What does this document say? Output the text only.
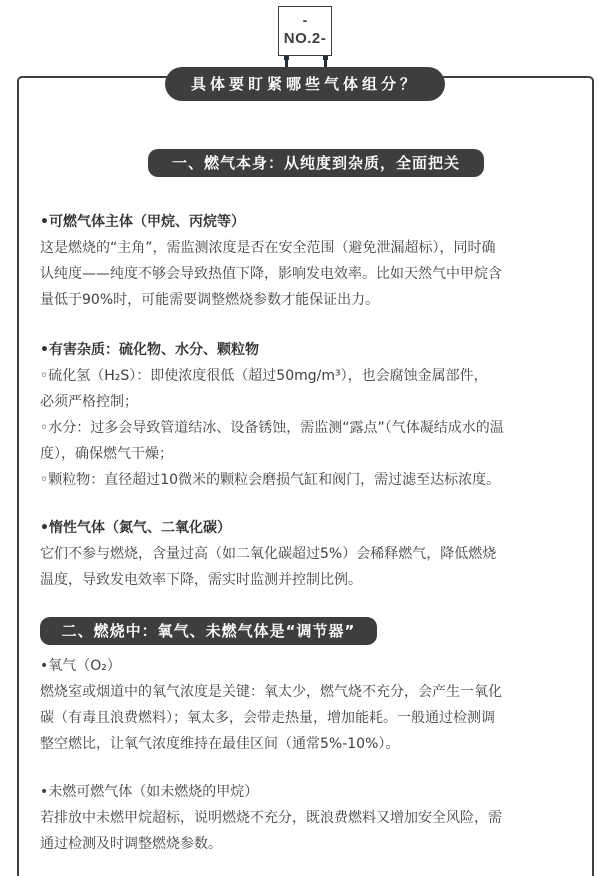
-
NO.2-
具体要盯紧哪些气体组分？
一、燃气本身：从纯度到杂质，全面把关

•可燃气体主体（甲烷、丙烷等）

这是燃烧的“主角”，需监测浓度是否在安全范围（避免泄漏超标），同时确

认纯度——纯度不够会导致热值下降，影响发电效率。比如天然气中甲烷含

量低于90%时，可能需要调整燃烧参数才能保证出力。

•有害杂质：硫化物、水分、颗粒物

◦硫化氢（H₂S）：即使浓度很低（超过50mg/m³），也会腐蚀金属部件，

必须严格控制；

◦水分：过多会导致管道结冰、设备锈蚀，需监测“露点”（气体凝结成水的温

度），确保燃气干燥；

◦颗粒物：直径超过10微米的颗粒会磨损气缸和阀门，需过滤至达标浓度。

•惰性气体（氮气、二氧化碳）

它们不参与燃烧，含量过高（如二氧化碳超过5%）会稀释燃气，降低燃烧

温度，导致发电效率下降，需实时监测并控制比例。

二、燃烧中：氧气、未燃气体是“调节器”

•氧气（O₂）

燃烧室或烟道中的氧气浓度是关键：氧太少，燃气烧不充分，会产生一氧化

碳（有毒且浪费燃料）；氧太多，会带走热量，增加能耗。一般通过检测调

整空燃比，让氧气浓度维持在最佳区间（通常5%-10%）。

•未燃可燃气体（如未燃烧的甲烷）

若排放中未燃甲烷超标，说明燃烧不充分，既浪费燃料又增加安全风险，需

通过检测及时调整燃烧参数。
